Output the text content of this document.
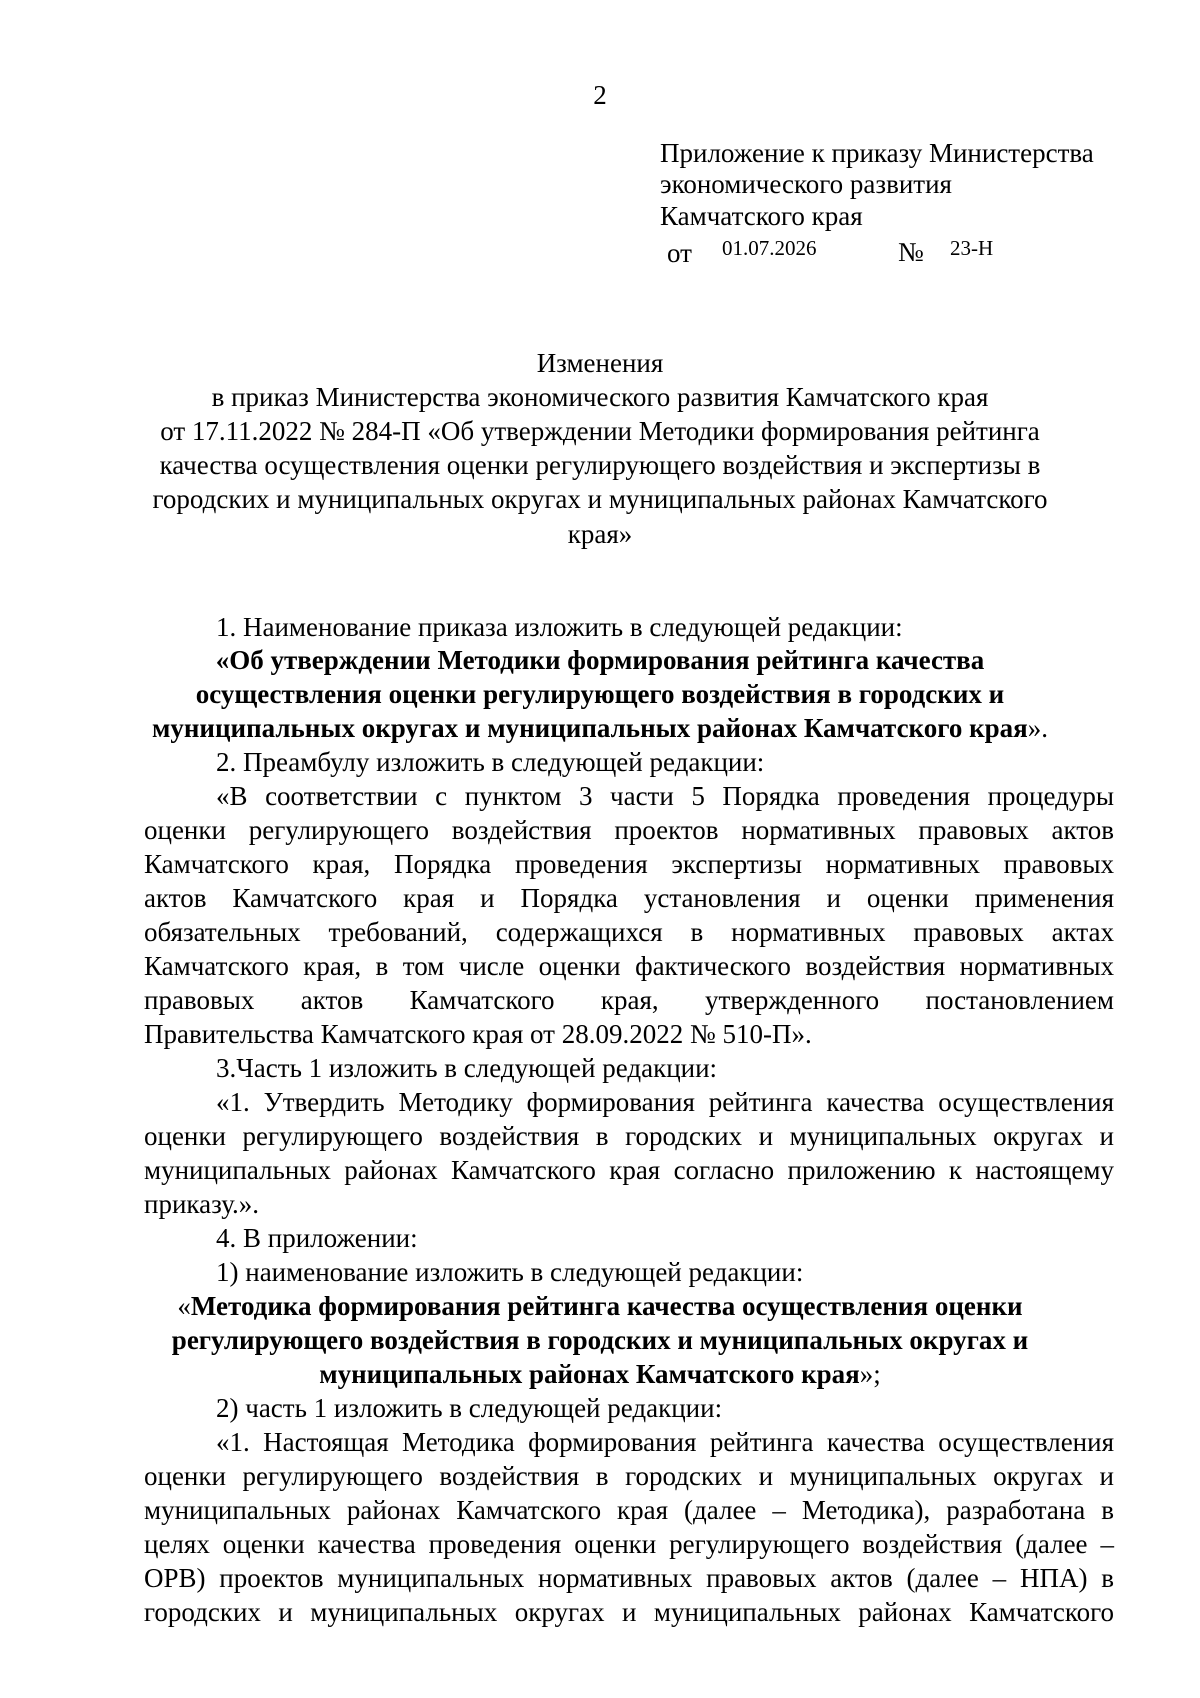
2
Приложение к приказу Министерства
экономического развития
Камчатского края
от 01.07.2026	№ 23-Н
Изменения
в приказ Министерства экономического развития Камчатского края
от 17.11.2022 № 284-П «Об утверждении Методики формирования рейтинга
качества осуществления оценки регулирующего воздействия и экспертизы в
городских и муниципальных округах и муниципальных районах Камчатского
края»
1. Наименование приказа изложить в следующей редакции:
«Об утверждении Методики формирования рейтинга качества
осуществления оценки регулирующего воздействия в городских и
муниципальных округах и муниципальных районах Камчатского края».
2. Преамбулу изложить в следующей редакции:
«В соответствии с пунктом 3 части 5 Порядка проведения процедуры
оценки регулирующего воздействия проектов нормативных правовых актов
Камчатского края, Порядка проведения экспертизы нормативных правовых
актов Камчатского края и Порядка установления и оценки применения
обязательных требований, содержащихся в нормативных правовых актах
Камчатского края, в том числе оценки фактического воздействия нормативных
правовых актов Камчатского края, утвержденного постановлением
Правительства Камчатского края от 28.09.2022 № 510-П».
3.Часть 1 изложить в следующей редакции:
«1. Утвердить Методику формирования рейтинга качества осуществления
оценки регулирующего воздействия в городских и муниципальных округах и
муниципальных районах Камчатского края согласно приложению к настоящему
приказу.».
4. В приложении:
1) наименование изложить в следующей редакции:
«Методика формирования рейтинга качества осуществления оценки
регулирующего воздействия в городских и муниципальных округах и
муниципальных районах Камчатского края»;
2) часть 1 изложить в следующей редакции:
«1. Настоящая Методика формирования рейтинга качества осуществления
оценки регулирующего воздействия в городских и муниципальных округах и
муниципальных районах Камчатского края (далее – Методика), разработана в
целях оценки качества проведения оценки регулирующего воздействия (далее –
ОРВ) проектов муниципальных нормативных правовых актов (далее – НПА) в
городских и муниципальных округах и муниципальных районах Камчатского
